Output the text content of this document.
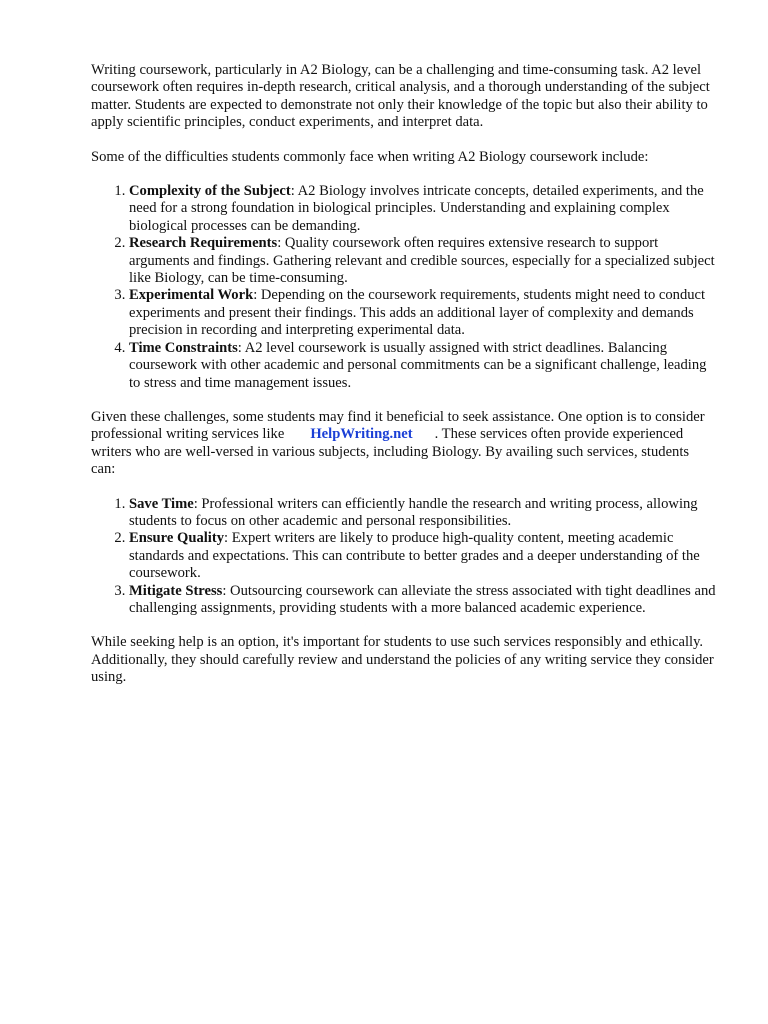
Writing coursework, particularly in A2 Biology, can be a challenging and time-consuming task. A2 level coursework often requires in-depth research, critical analysis, and a thorough understanding of the subject matter. Students are expected to demonstrate not only their knowledge of the topic but also their ability to apply scientific principles, conduct experiments, and interpret data.

Some of the difficulties students commonly face when writing A2 Biology coursework include:

1. Complexity of the Subject: A2 Biology involves intricate concepts, detailed experiments, and the need for a strong foundation in biological principles. Understanding and explaining complex biological processes can be demanding.
2. Research Requirements: Quality coursework often requires extensive research to support arguments and findings. Gathering relevant and credible sources, especially for a specialized subject like Biology, can be time-consuming.
3. Experimental Work: Depending on the coursework requirements, students might need to conduct experiments and present their findings. This adds an additional layer of complexity and demands precision in recording and interpreting experimental data.
4. Time Constraints: A2 level coursework is usually assigned with strict deadlines. Balancing coursework with other academic and personal commitments can be a significant challenge, leading to stress and time management issues.

Given these challenges, some students may find it beneficial to seek assistance. One option is to consider professional writing services like HelpWriting.net . These services often provide experienced writers who are well-versed in various subjects, including Biology. By availing such services, students can:

1. Save Time: Professional writers can efficiently handle the research and writing process, allowing students to focus on other academic and personal responsibilities.
2. Ensure Quality: Expert writers are likely to produce high-quality content, meeting academic standards and expectations. This can contribute to better grades and a deeper understanding of the coursework.
3. Mitigate Stress: Outsourcing coursework can alleviate the stress associated with tight deadlines and challenging assignments, providing students with a more balanced academic experience.

While seeking help is an option, it's important for students to use such services responsibly and ethically. Additionally, they should carefully review and understand the policies of any writing service they consider using.
